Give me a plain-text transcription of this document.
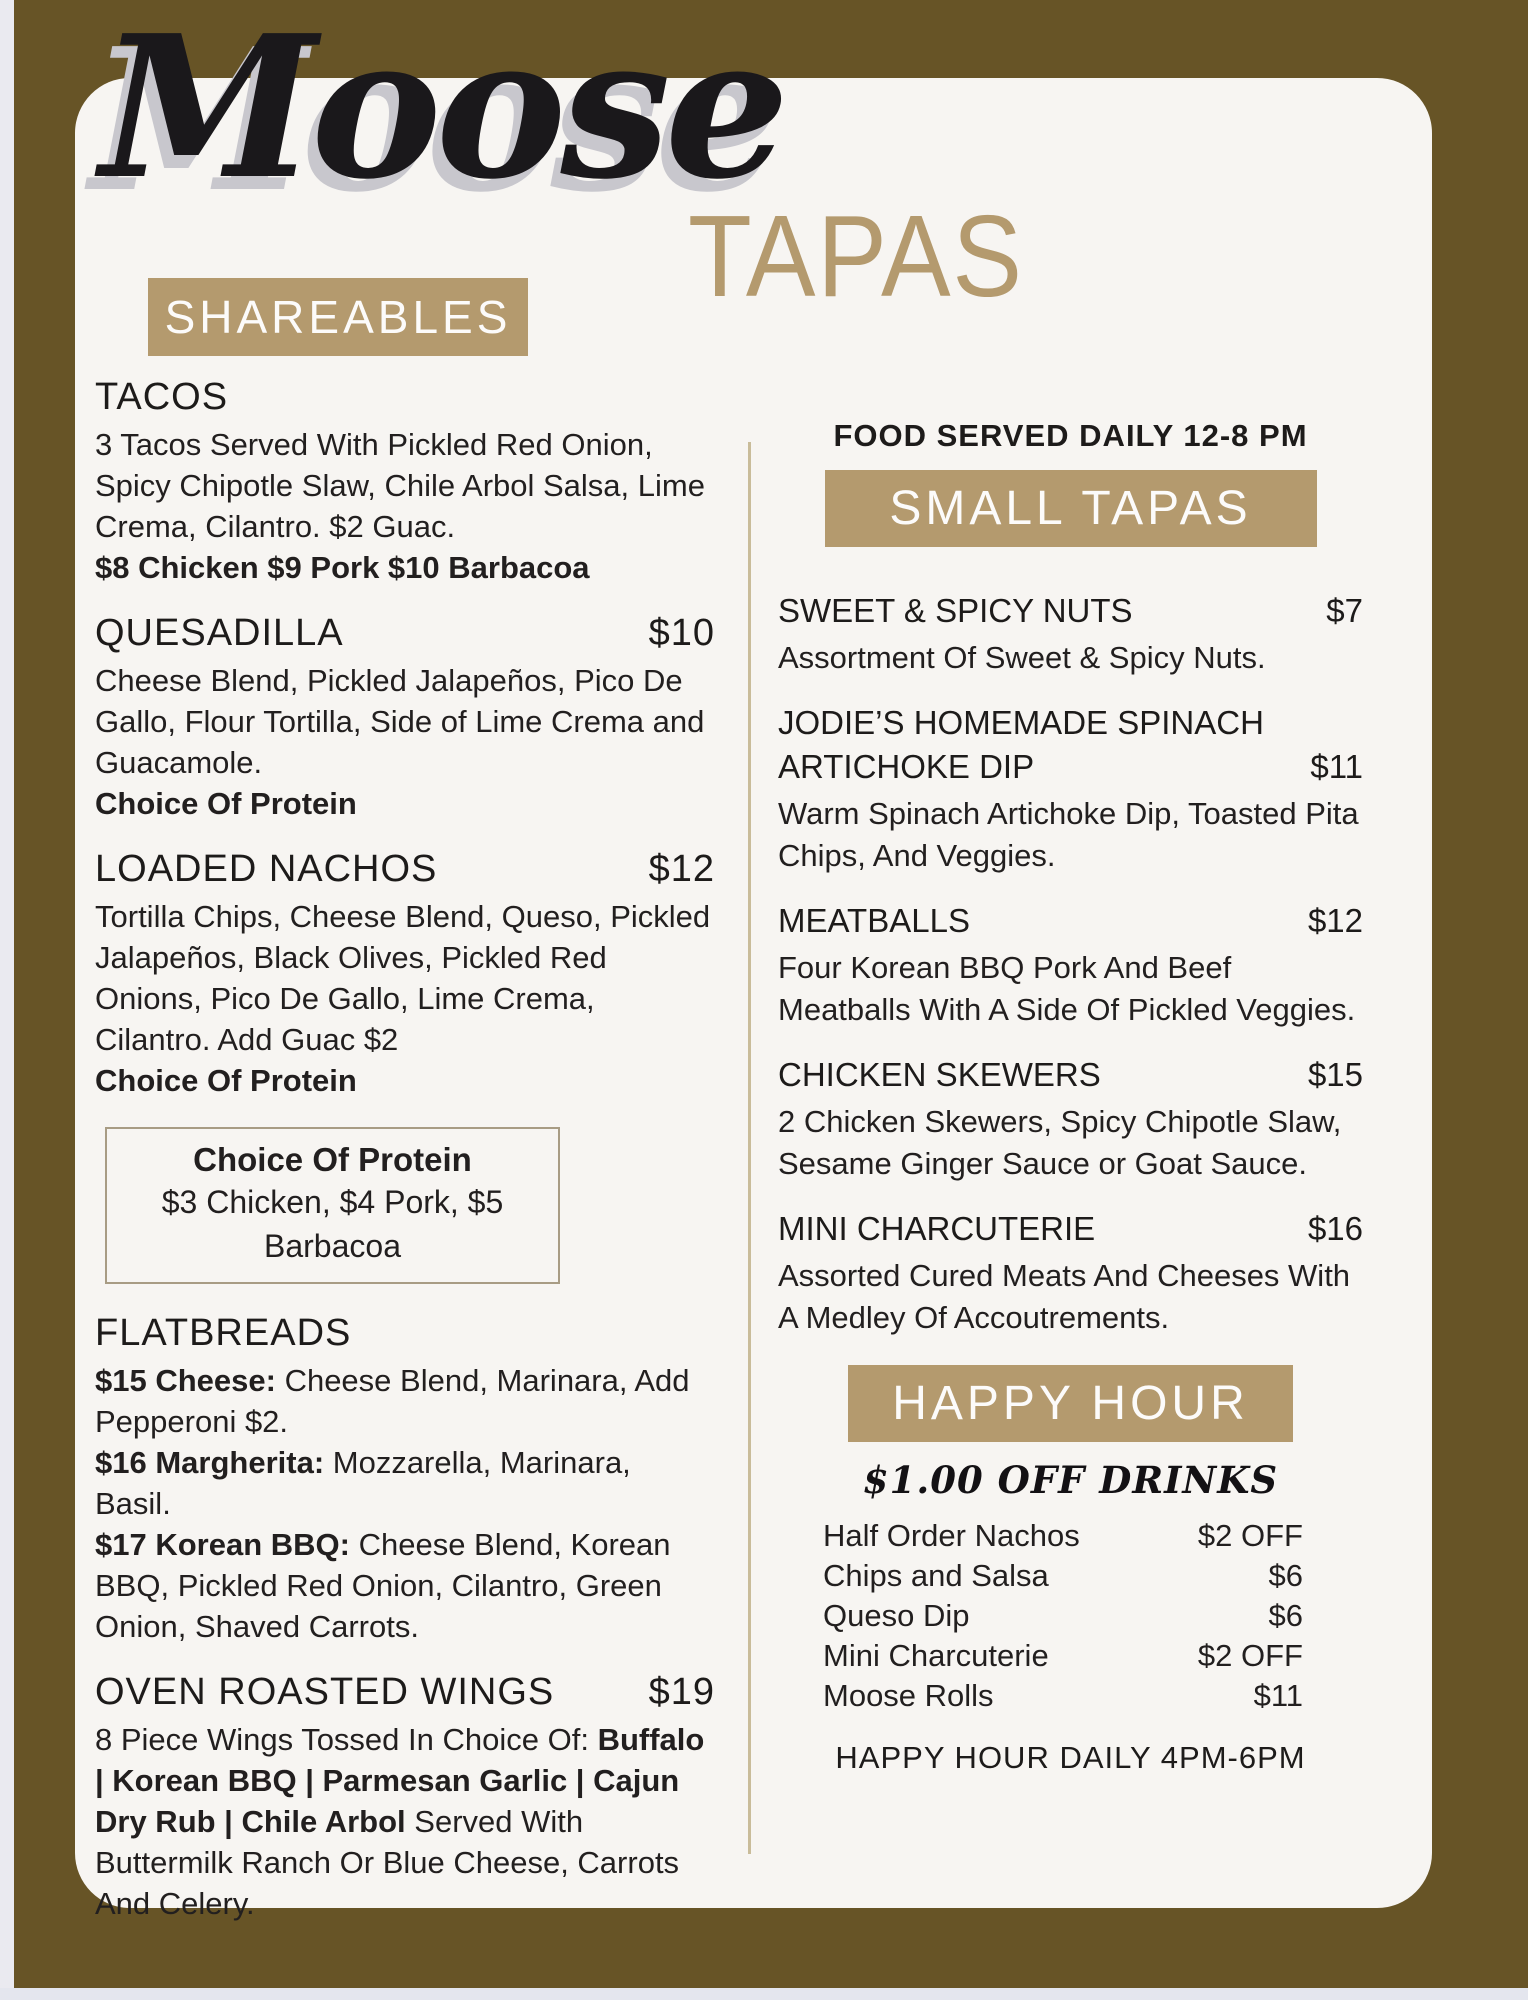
Moose
TAPAS
SHAREABLES
TACOS

3 Tacos Served With Pickled Red Onion, Spicy Chipotle Slaw, Chile Arbol Salsa, Lime Crema, Cilantro. $2 Guac.

$8 Chicken $9 Pork $10 Barbacoa

QUESADILLA	$10

Cheese Blend, Pickled Jalapeños, Pico De Gallo, Flour Tortilla, Side of Lime Crema and Guacamole.

Choice Of Protein

LOADED NACHOS	$12

Tortilla Chips, Cheese Blend, Queso, Pickled Jalapeños, Black Olives, Pickled Red Onions, Pico De Gallo, Lime Crema, Cilantro. Add Guac $2

Choice Of Protein

Choice Of Protein
$3 Chicken, $4 Pork, $5 Barbacoa
FLATBREADS

$15 Cheese: Cheese Blend, Marinara, Add Pepperoni $2.

$16 Margherita: Mozzarella, Marinara, Basil.

$17 Korean BBQ: Cheese Blend, Korean BBQ, Pickled Red Onion, Cilantro, Green Onion, Shaved Carrots.

OVEN ROASTED WINGS $19

8 Piece Wings Tossed In Choice Of: Buffalo | Korean BBQ | Parmesan Garlic | Cajun Dry Rub | Chile Arbol Served With Buttermilk Ranch Or Blue Cheese, Carrots And Celery.

FOOD SERVED DAILY 12-8 PM

SMALL TAPAS
SWEET & SPICY NUTS	$7

Assortment Of Sweet & Spicy Nuts.

JODIE’S HOMEMADE SPINACH ARTICHOKE DIP	$11

Warm Spinach Artichoke Dip, Toasted Pita Chips, And Veggies.

MEATBALLS	$12

Four Korean BBQ Pork And Beef Meatballs With A Side Of Pickled Veggies.

CHICKEN SKEWERS	$15

2 Chicken Skewers, Spicy Chipotle Slaw, Sesame Ginger Sauce or Goat Sauce.

MINI CHARCUTERIE	$16

Assorted Cured Meats And Cheeses With A Medley Of Accoutrements.

HAPPY HOUR

$1.00 OFF DRINKS

Half Order Nachos	$2 OFF
Chips and Salsa	$6
Queso Dip	$6
Mini Charcuterie	$2 OFF
Moose Rolls	$11

HAPPY HOUR DAILY 4PM-6PM
